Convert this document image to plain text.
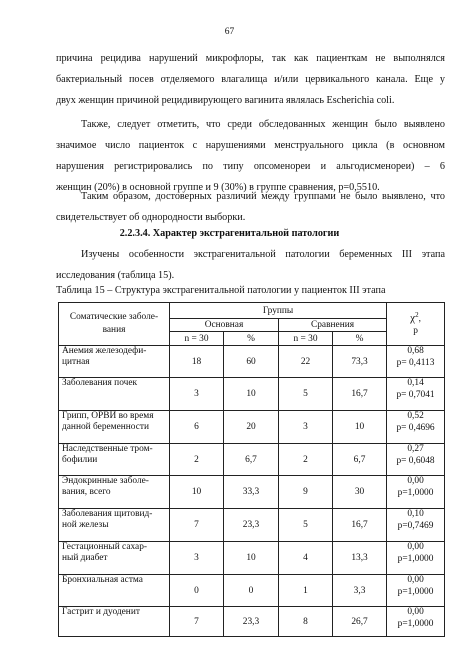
67
причина рецидива нарушений микрофлоры, так как пациенткам не выполнялся
бактериальный посев отделяемого влагалища и/или цервикального канала. Еще у
двух женщин причиной рецидивирующего вагинита являлась Escherichia coli.
Также, следует отметить, что среди обследованных женщин было выявлено
значимое число пациенток с нарушениями менструального цикла (в основном
нарушения регистрировались по типу опсоменореи и альгодисменореи) – 6
женщин (20%) в основной группе и 9 (30%) в группе сравнения, р=0,5510.
Таким образом, достоверных различий между группами не было выявлено, что
свидетельствует об однородности выборки.
2.2.3.4. Характер экстрагенитальной патологии
Изучены особенности экстрагенитальной патологии беременных III этапа
исследования (таблица 15).
Таблица 15 – Структура экстрагенитальной патологии у пациенток III этапа
Соматические заболе-
вания	Группы				$\chi^2$,
p
	Основная		Сравнения		
	n = 30	%	n = 30	%	
Анемия железодефи-
цитная	18	60	22	73,3	0,68
p= 0,4113
Заболевания почек	3	10	5	16,7	0,14
p= 0,7041
Грипп, ОРВИ во время
данной беременности	6	20	3	10	0,52
p= 0,4696
Наследственные тром-
бофилии	2	6,7	2	6,7	0,27
p= 0,6048
Эндокринные заболе-
вания, всего	10	33,3	9	30	0,00
p=1,0000
Заболевания щитовид-
ной железы	7	23,3	5	16,7	0,10
p=0,7469
Гестационный сахар-
ный диабет	3	10	4	13,3	0,00
p=1,0000
Бронхиальная астма	0	0	1	3,3	0,00
p=1,0000
Гастрит и дуоденит	7	23,3	8	26,7	0,00
p=1,0000
